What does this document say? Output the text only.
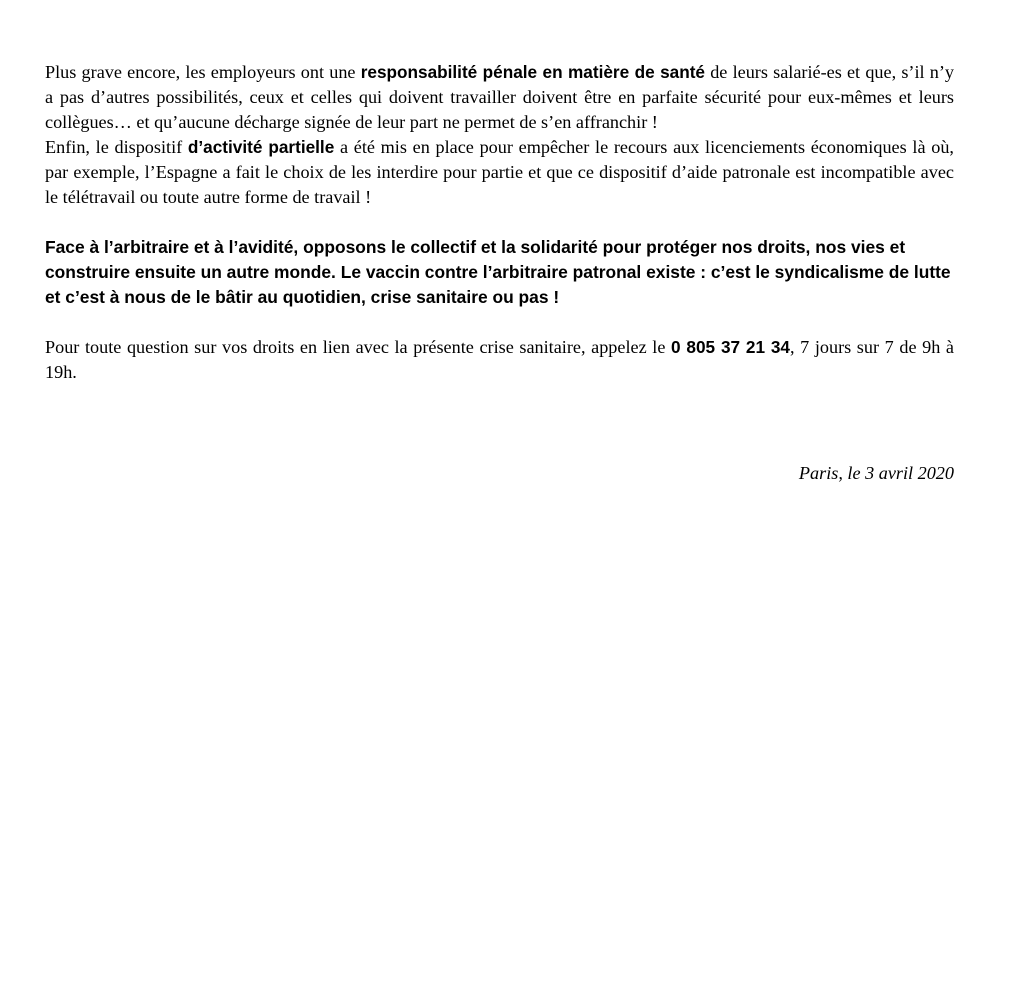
Plus grave encore, les employeurs ont une responsabilité pénale en matière de santé de leurs salarié-es et que, s’il n’y a pas d’autres possibilités, ceux et celles qui doivent travailler doivent être en parfaite sécurité pour eux-mêmes et leurs collègues… et qu’aucune décharge signée de leur part ne permet de s’en affranchir !

Enfin, le dispositif d’activité partielle a été mis en place pour empêcher le recours aux licenciements économiques là où, par exemple, l’Espagne a fait le choix de les interdire pour partie et que ce dispositif d’aide patronale est incompatible avec le télétravail ou toute autre forme de travail !

Face à l’arbitraire et à l’avidité, opposons le collectif et la solidarité pour protéger nos droits, nos vies et construire ensuite un autre monde. Le vaccin contre l’arbitraire patronal existe : c’est le syndicalisme de lutte et c’est à nous de le bâtir au quotidien, crise sanitaire ou pas !

Pour toute question sur vos droits en lien avec la présente crise sanitaire, appelez le 0 805 37 21 34, 7 jours sur 7 de 9h à 19h.

Paris, le 3 avril 2020
